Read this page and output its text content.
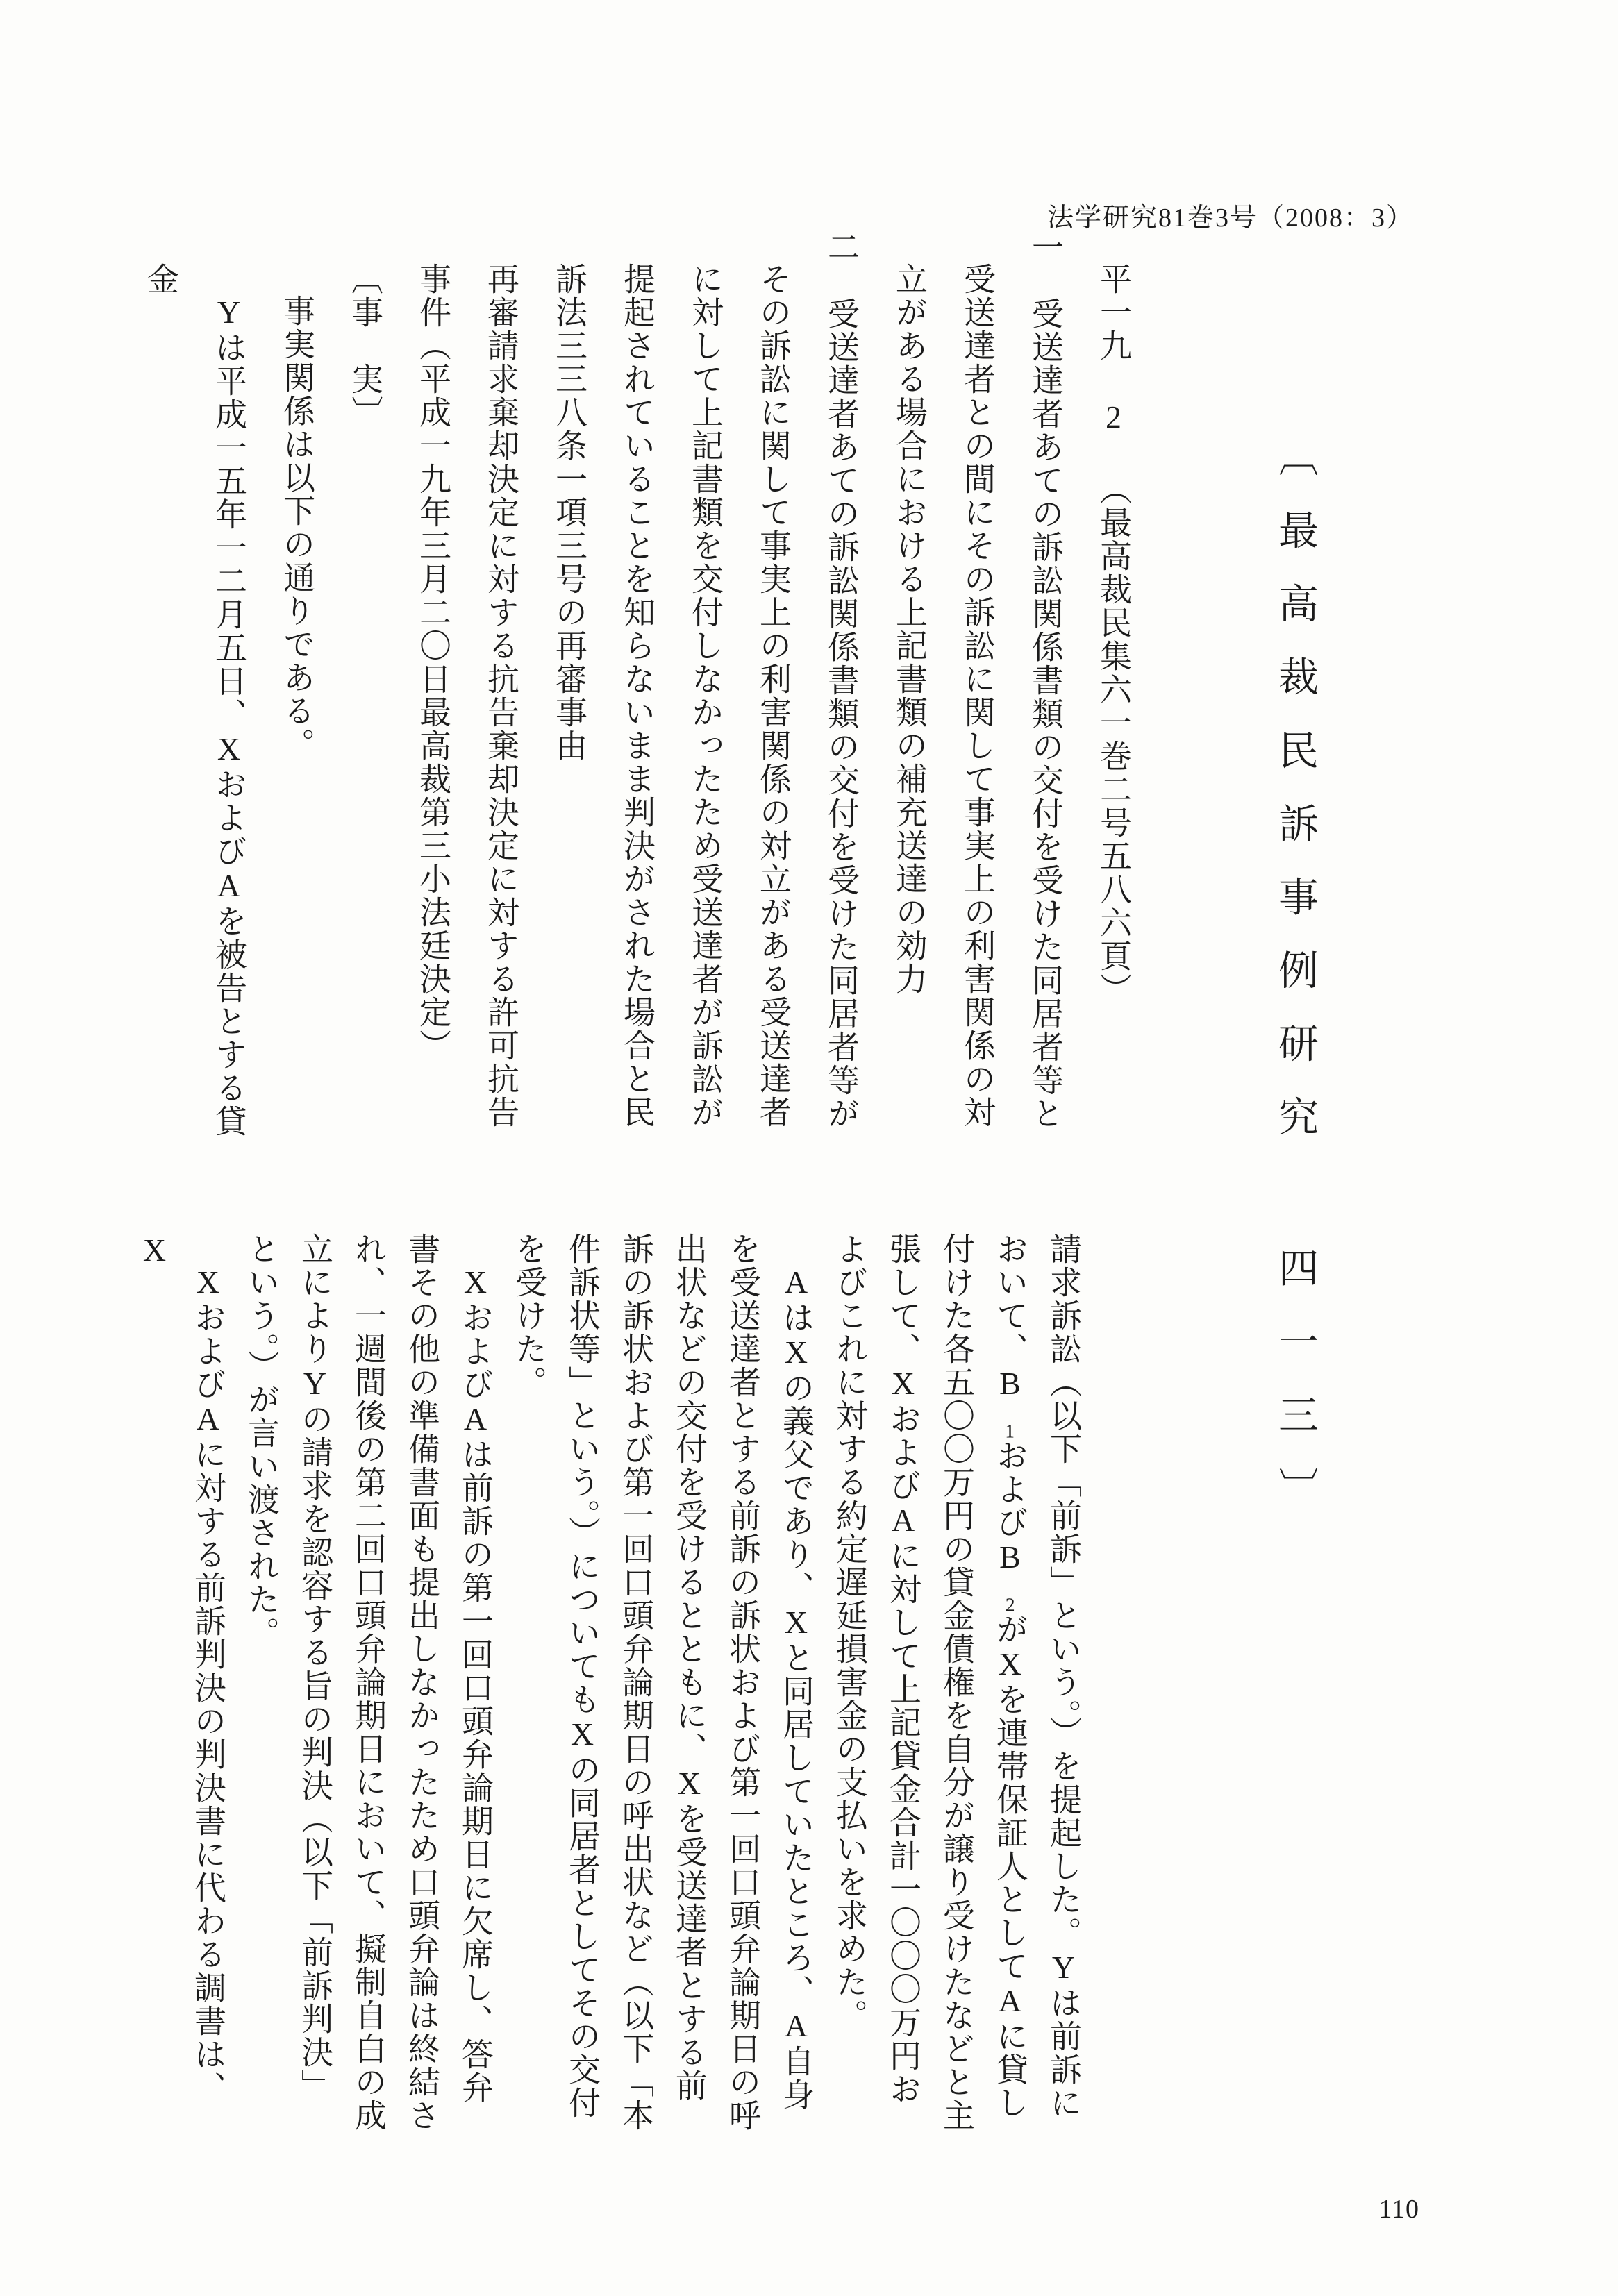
法学研究81巻3号（2008：3）
〔最高裁民訴事例研究 四一三〕

平一九 2 （最高裁民集六一巻二号五八六頁）

一　受送達者あての訴訟関係書類の交付を受けた同居者等と受送達者との間にその訴訟に関して事実上の利害関係の対立がある場合における上記書類の補充送達の効力

二　受送達者あての訴訟関係書類の交付を受けた同居者等がその訴訟に関して事実上の利害関係の対立がある受送達者に対して上記書類を交付しなかったため受送達者が訴訟が提起されていることを知らないまま判決がされた場合と民訴法三三八条一項三号の再審事由

再審請求棄却決定に対する抗告棄却決定に対する許可抗告事件（平成一九年三月二〇日最高裁第三小法廷決定）

〔事　実〕

事実関係は以下の通りである。

Yは平成一五年一二月五日、XおよびAを被告とする貸金

請求訴訟（以下「前訴」という。）を提起した。Yは前訴において、B₁およびB₂がXを連帯保証人としてAに貸し付けた各五〇〇万円の貸金債権を自分が譲り受けたなどと主張して、XおよびAに対して上記貸金合計一〇〇〇万円およびこれに対する約定遅延損害金の支払いを求めた。

AはXの義父であり、Xと同居していたところ、A自身を受送達者とする前訴の訴状および第一回口頭弁論期日の呼出状などの交付を受けるとともに、Xを受送達者とする前訴の訴状および第一回口頭弁論期日の呼出状など（以下「本件訴状等」という。）についてもXの同居者としてその交付を受けた。

XおよびAは前訴の第一回口頭弁論期日に欠席し、答弁書その他の準備書面も提出しなかったため口頭弁論は終結され、一週間後の第二回口頭弁論期日において、擬制自白の成立によりYの請求を認容する旨の判決（以下「前訴判決」という。）が言い渡された。

XおよびAに対する前訴判決の判決書に代わる調書は、X

110
